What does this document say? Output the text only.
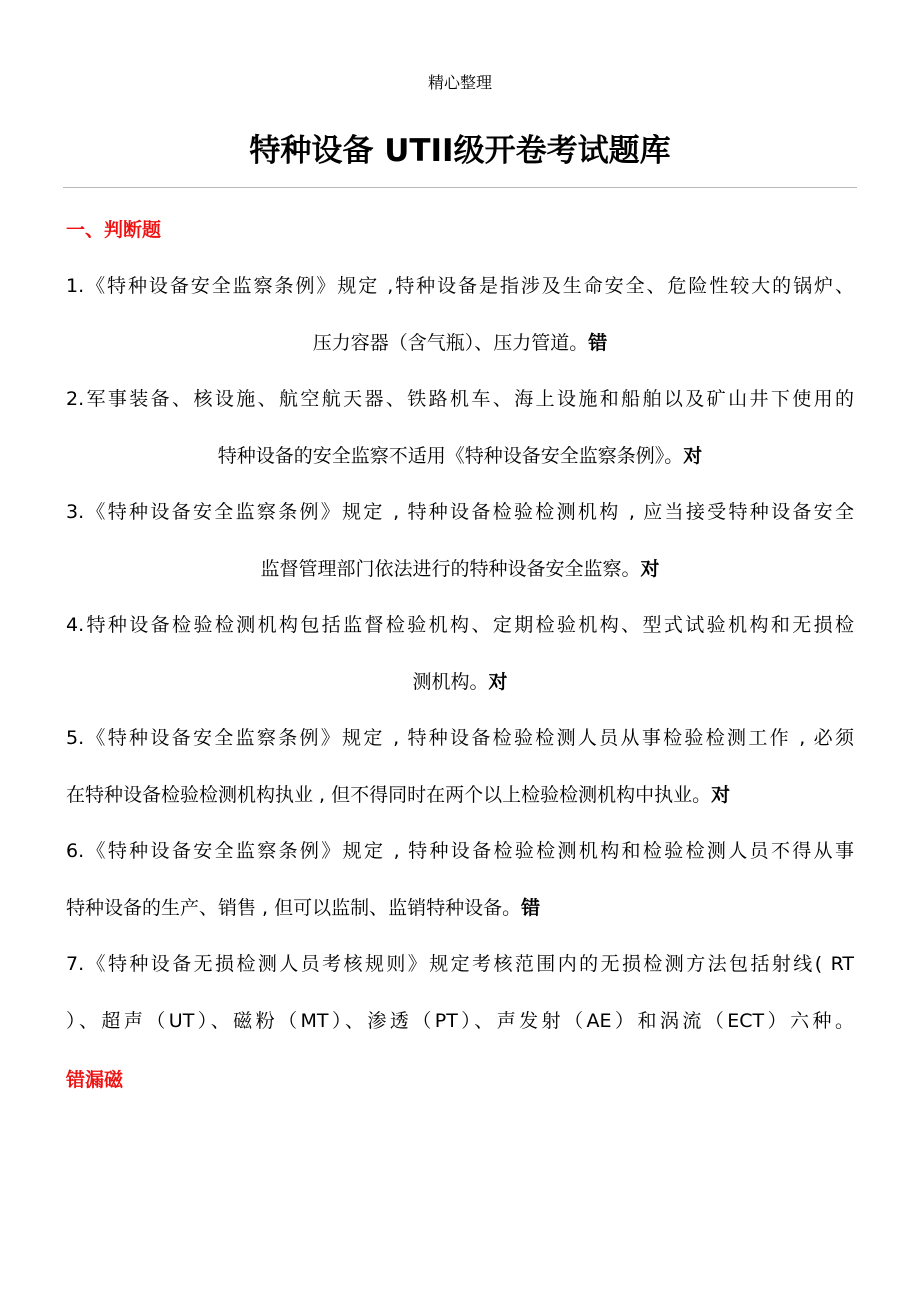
精心整理
特种设备 UTII级开卷考试题库
一、判断题
1.《特种设备安全监察条例》规定 ,特种设备是指涉及生命安全、危险性较大的锅炉、
压力容器（含气瓶）、压力管道。错
2.军事装备、核设施、航空航天器、铁路机车、海上设施和船舶以及矿山井下使用的
特种设备的安全监察不适用《特种设备安全监察条例》。对
3.《特种设备安全监察条例》规定 , 特种设备检验检测机构 , 应当接受特种设备安全
监督管理部门依法进行的特种设备安全监察。对
4.特种设备检验检测机构包括监督检验机构、定期检验机构、型式试验机构和无损检
测机构。对
5.《特种设备安全监察条例》规定 , 特种设备检验检测人员从事检验检测工作 , 必须
在特种设备检验检测机构执业 , 但不得同时在两个以上检验检测机构中执业。对
6.《特种设备安全监察条例》规定 , 特种设备检验检测机构和检验检测人员不得从事
特种设备的生产、销售 , 但可以监制、监销特种设备。错
7.《特种设备无损检测人员考核规则》规定考核范围内的无损检测方法包括射线( RT
）、超声（UT）、磁粉（MT）、渗透（PT）、声发射（AE）和涡流（ECT）六种。
错漏磁
